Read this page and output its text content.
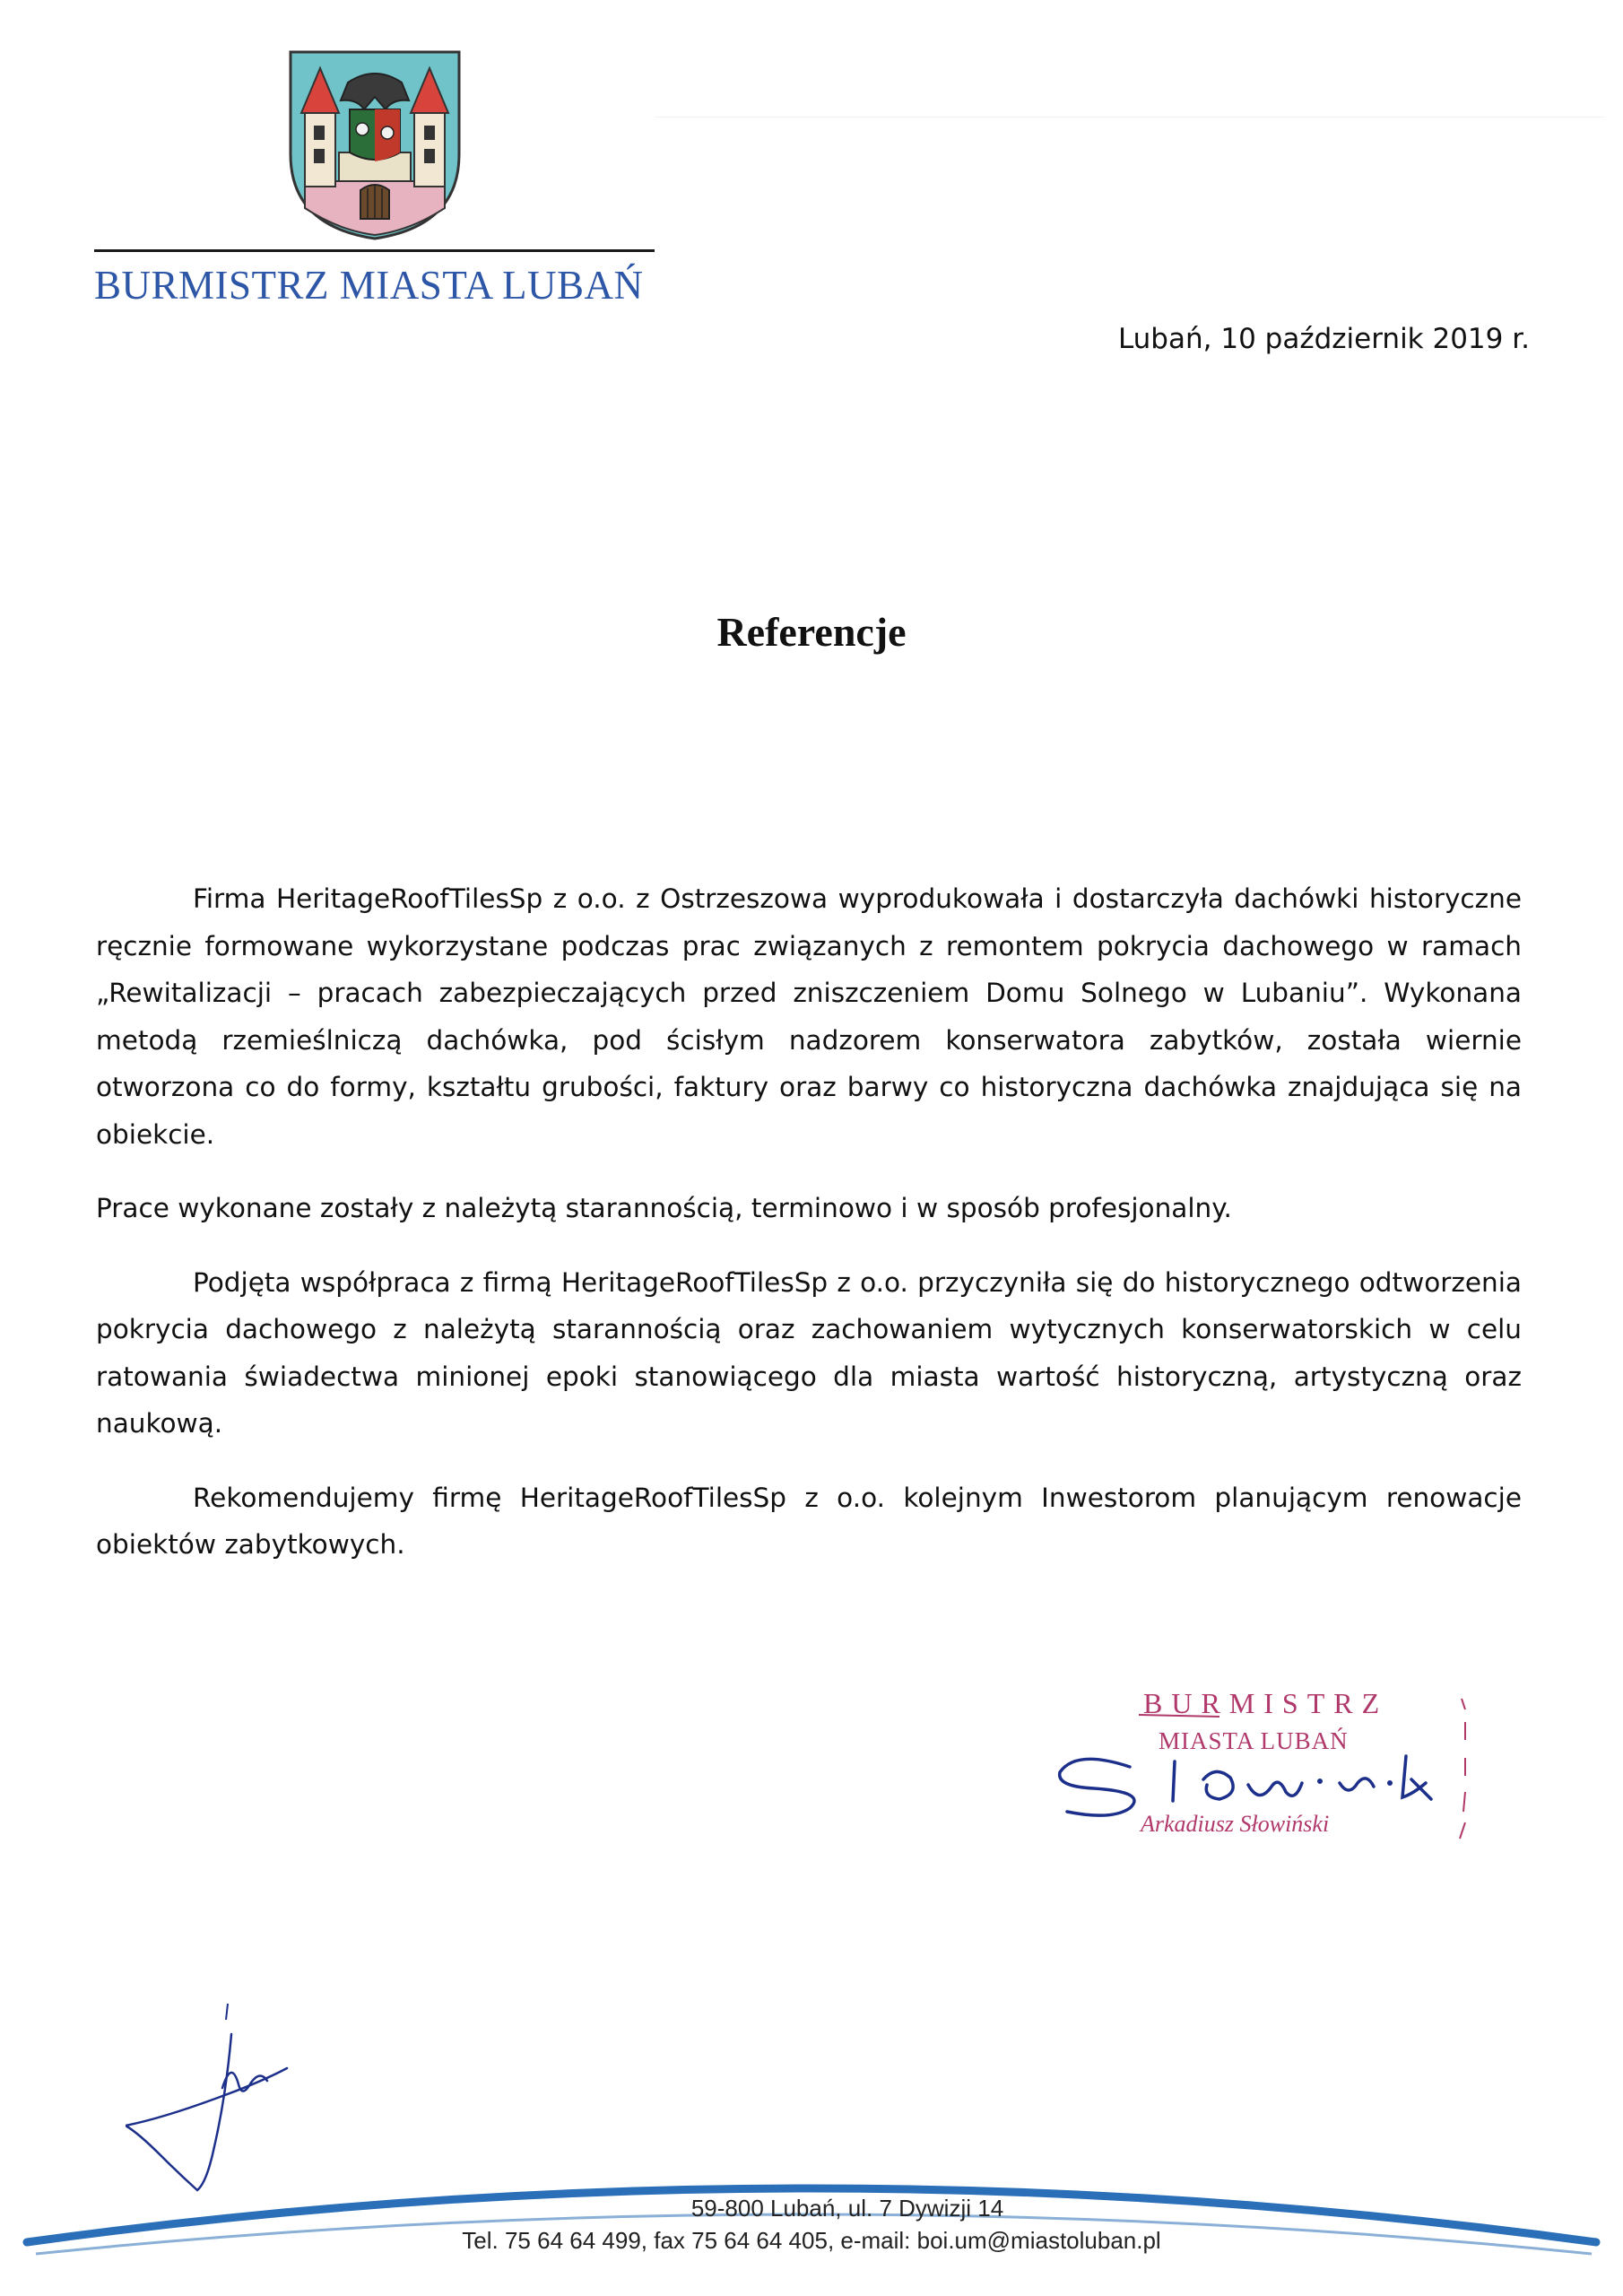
BURMISTRZ MIASTA LUBAŃ
Lubań, 10 październik 2019 r.
Referencje

Firma HeritageRoofTilesSp z o.o. z Ostrzeszowa wyprodukowała i dostarczyła dachówki historyczne ręcznie formowane wykorzystane podczas prac związanych z remontem pokrycia dachowego w ramach „Rewitalizacji – pracach zabezpieczających przed zniszczeniem Domu Solnego w Lubaniu”. Wykonana metodą rzemieślniczą dachówka, pod ścisłym nadzorem konserwatora zabytków, została wiernie otworzona co do formy, kształtu grubości, faktury oraz barwy co historyczna dachówka znajdująca się na obiekcie.

Prace wykonane zostały z należytą starannością, terminowo i w sposób profesjonalny.

Podjęta współpraca z firmą HeritageRoofTilesSp z o.o. przyczyniła się do historycznego odtworzenia pokrycia dachowego z należytą starannością oraz zachowaniem wytycznych konserwatorskich w celu ratowania świadectwa minionej epoki stanowiącego dla miasta wartość historyczną, artystyczną oraz naukową.

Rekomendujemy firmę HeritageRoofTilesSp z o.o. kolejnym Inwestorom planującym renowacje obiektów zabytkowych.

BURMISTRZ
MIASTA LUBAŃ
Arkadiusz Słowiński
59-800 Lubań, ul. 7 Dywizji 14
Tel. 75 64 64 499, fax 75 64 64 405, e-mail: boi.um@miastoluban.pl
